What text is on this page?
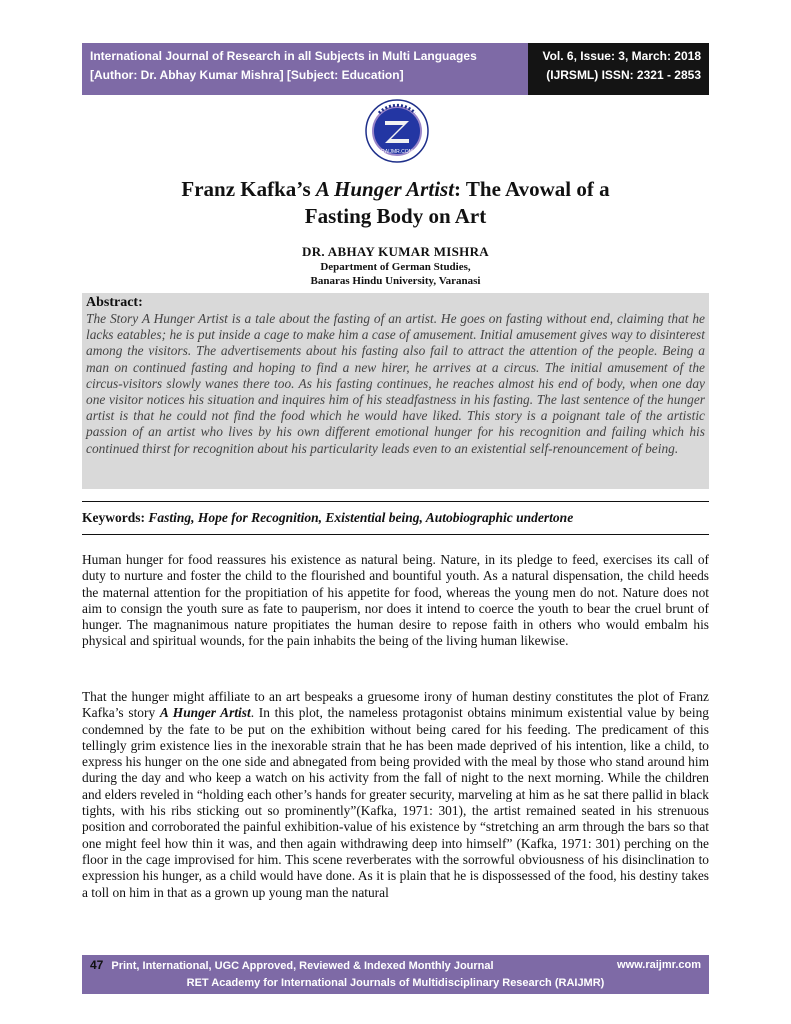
International Journal of Research in all Subjects in Multi Languages
[Author: Dr. Abhay Kumar Mishra] [Subject: Education]
Vol. 6, Issue: 3, March: 2018
(IJRSML) ISSN: 2321 - 2853
RAIJMR.COM
Franz Kafka’s A Hunger Artist: The Avowal of a
Fasting Body on Art
DR. ABHAY KUMAR MISHRA
Department of German Studies,
Banaras Hindu University, Varanasi
Abstract:

The Story A Hunger Artist is a tale about the fasting of an artist. He goes on fasting without end, claiming that he lacks eatables; he is put inside a cage to make him a case of amusement. Initial amusement gives way to disinterest among the visitors. The advertisements about his fasting also fail to attract the attention of the people. Being a man on continued fasting and hoping to find a new hirer, he arrives at a circus. The initial amusement of the circus-visitors slowly wanes there too. As his fasting continues, he reaches almost his end of body, when one day one visitor notices his situation and inquires him of his steadfastness in his fasting. The last sentence of the hunger artist is that he could not find the food which he would have liked. This story is a poignant tale of the artistic passion of an artist who lives by his own different emotional hunger for his recognition and failing which his continued thirst for recognition about his particularity leads even to an existential self-renouncement of being.

Keywords: Fasting, Hope for Recognition, Existential being, Autobiographic undertone

Human hunger for food reassures his existence as natural being. Nature, in its pledge to feed, exercises its call of duty to nurture and foster the child to the flourished and bountiful youth. As a natural dispensation, the child heeds the maternal attention for the propitiation of his appetite for food, whereas the young men do not. Nature does not aim to consign the youth sure as fate to pauperism, nor does it intend to coerce the youth to bear the cruel brunt of hunger. The magnanimous nature propitiates the human desire to repose faith in others who would embalm his physical and spiritual wounds, for the pain inhabits the being of the living human likewise.

That the hunger might affiliate to an art bespeaks a gruesome irony of human destiny constitutes the plot of Franz Kafka’s story A Hunger Artist. In this plot, the nameless protagonist obtains minimum existential value by being condemned by the fate to be put on the exhibition without being cared for his feeding. The predicament of this tellingly grim existence lies in the inexorable strain that he has been made deprived of his intention, like a child, to express his hunger on the one side and abnegated from being provided with the meal by those who stand around him during the day and who keep a watch on his activity from the fall of night to the next morning. While the children and elders reveled in “holding each other’s hands for greater security, marveling at him as he sat there pallid in black tights, with his ribs sticking out so prominently”(Kafka, 1971: 301), the artist remained seated in his strenuous position and corroborated the painful exhibition-value of his existence by “stretching an arm through the bars so that one might feel how thin it was, and then again withdrawing deep into himself” (Kafka, 1971: 301) perching on the floor in the cage improvised for him. This scene reverberates with the sorrowful obviousness of his disinclination to expression his hunger, as a child would have done. As it is plain that he is dispossessed of the food, his destiny takes a toll on him in that as a grown up young man the natural

47 Print, International, UGC Approved, Reviewed & Indexed Monthly Journal	www.raijmr.com
RET Academy for International Journals of Multidisciplinary Research (RAIJMR)
